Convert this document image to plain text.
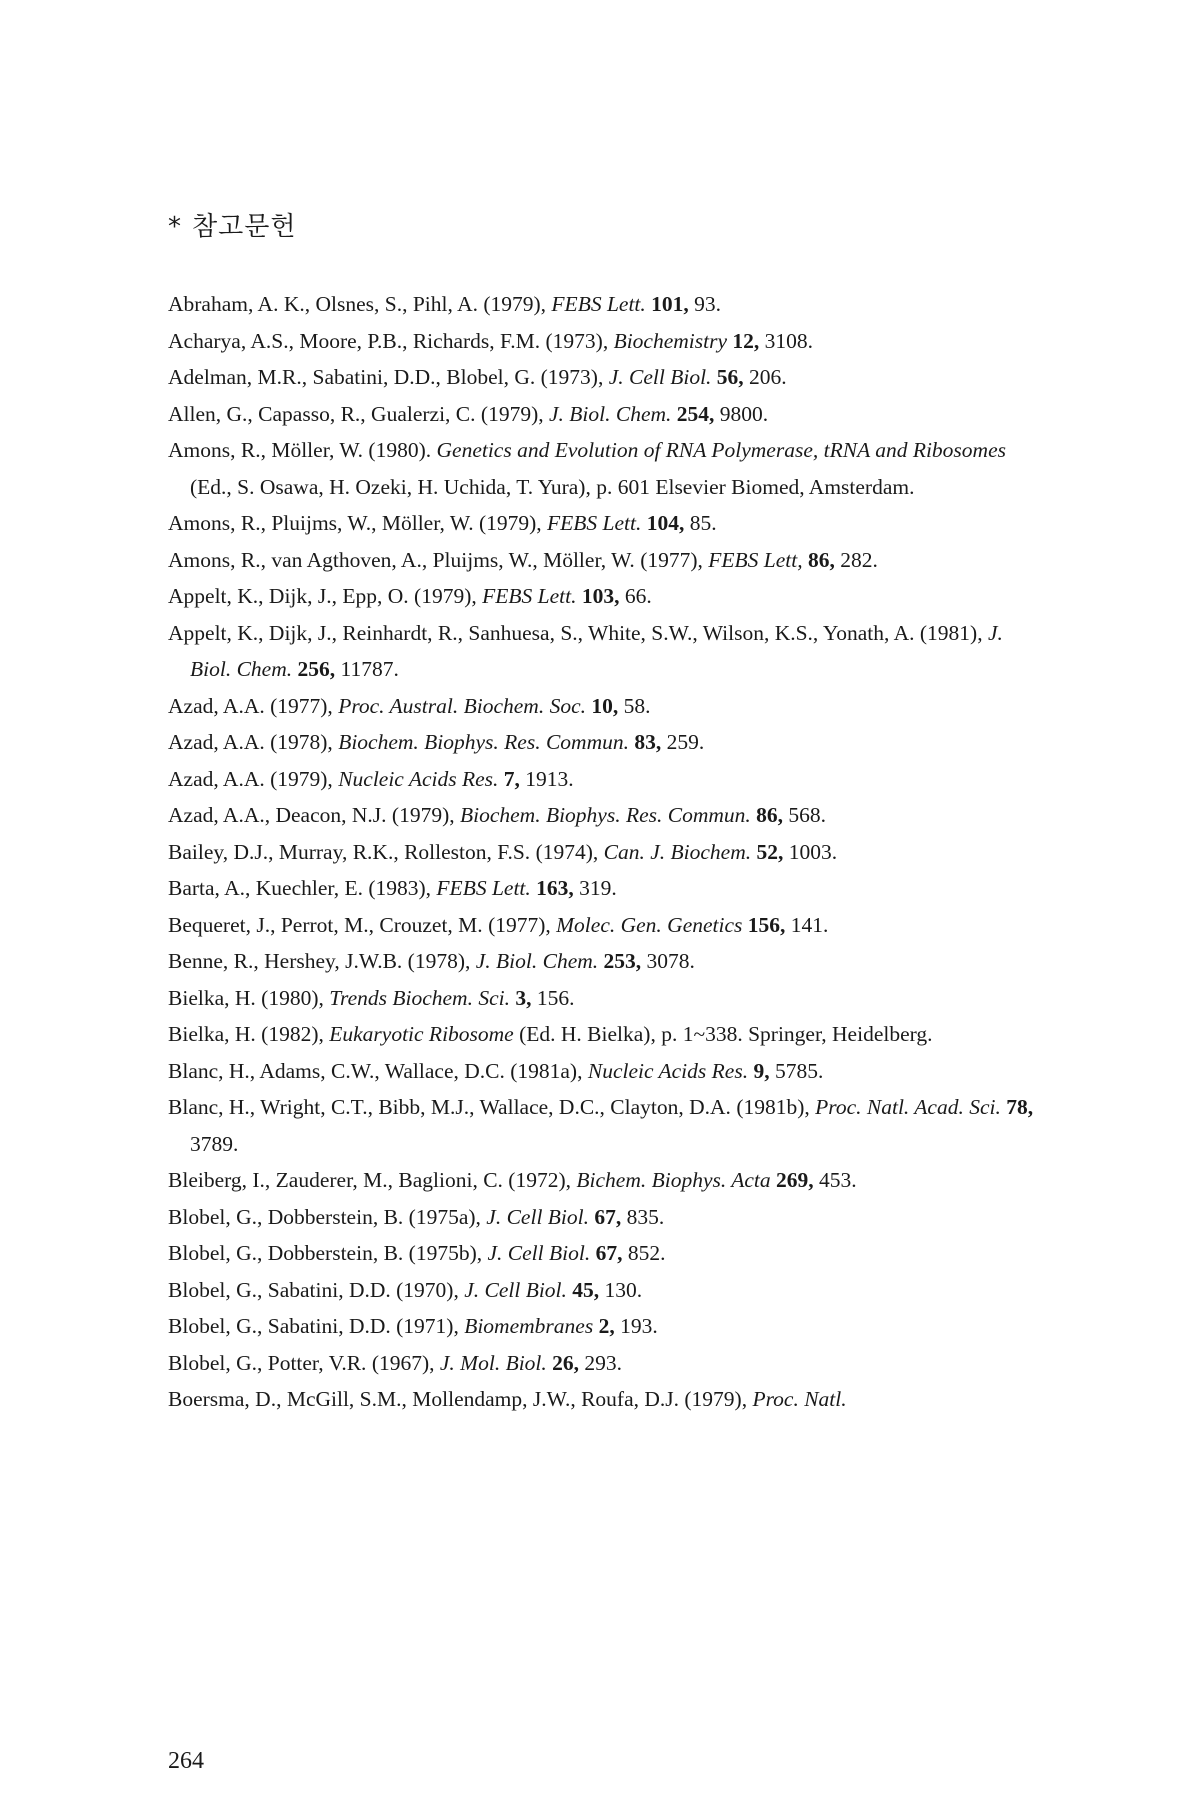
* 참고문헌
Abraham, A. K., Olsnes, S., Pihl, A. (1979), FEBS Lett. 101, 93.
Acharya, A.S., Moore, P.B., Richards, F.M. (1973), Biochemistry 12, 3108.
Adelman, M.R., Sabatini, D.D., Blobel, G. (1973), J. Cell Biol. 56, 206.
Allen, G., Capasso, R., Gualerzi, C. (1979), J. Biol. Chem. 254, 9800.
Amons, R., Möller, W. (1980). Genetics and Evolution of RNA Polymerase, tRNA and Ribosomes (Ed., S. Osawa, H. Ozeki, H. Uchida, T. Yura), p. 601 Elsevier Biomed, Amsterdam.
Amons, R., Pluijms, W., Möller, W. (1979), FEBS Lett. 104, 85.
Amons, R., van Agthoven, A., Pluijms, W., Möller, W. (1977), FEBS Lett, 86, 282.
Appelt, K., Dijk, J., Epp, O. (1979), FEBS Lett. 103, 66.
Appelt, K., Dijk, J., Reinhardt, R., Sanhuesa, S., White, S.W., Wilson, K.S., Yonath, A. (1981), J. Biol. Chem. 256, 11787.
Azad, A.A. (1977), Proc. Austral. Biochem. Soc. 10, 58.
Azad, A.A. (1978), Biochem. Biophys. Res. Commun. 83, 259.
Azad, A.A. (1979), Nucleic Acids Res. 7, 1913.
Azad, A.A., Deacon, N.J. (1979), Biochem. Biophys. Res. Commun. 86, 568.
Bailey, D.J., Murray, R.K., Rolleston, F.S. (1974), Can. J. Biochem. 52, 1003.
Barta, A., Kuechler, E. (1983), FEBS Lett. 163, 319.
Bequeret, J., Perrot, M., Crouzet, M. (1977), Molec. Gen. Genetics 156, 141.
Benne, R., Hershey, J.W.B. (1978), J. Biol. Chem. 253, 3078.
Bielka, H. (1980), Trends Biochem. Sci. 3, 156.
Bielka, H. (1982), Eukaryotic Ribosome (Ed. H. Bielka), p. 1~338. Springer, Heidelberg.
Blanc, H., Adams, C.W., Wallace, D.C. (1981a), Nucleic Acids Res. 9, 5785.
Blanc, H., Wright, C.T., Bibb, M.J., Wallace, D.C., Clayton, D.A. (1981b), Proc. Natl. Acad. Sci. 78, 3789.
Bleiberg, I., Zauderer, M., Baglioni, C. (1972), Bichem. Biophys. Acta 269, 453.
Blobel, G., Dobberstein, B. (1975a), J. Cell Biol. 67, 835.
Blobel, G., Dobberstein, B. (1975b), J. Cell Biol. 67, 852.
Blobel, G., Sabatini, D.D. (1970), J. Cell Biol. 45, 130.
Blobel, G., Sabatini, D.D. (1971), Biomembranes 2, 193.
Blobel, G., Potter, V.R. (1967), J. Mol. Biol. 26, 293.
Boersma, D., McGill, S.M., Mollendamp, J.W., Roufa, D.J. (1979), Proc. Natl.
264
